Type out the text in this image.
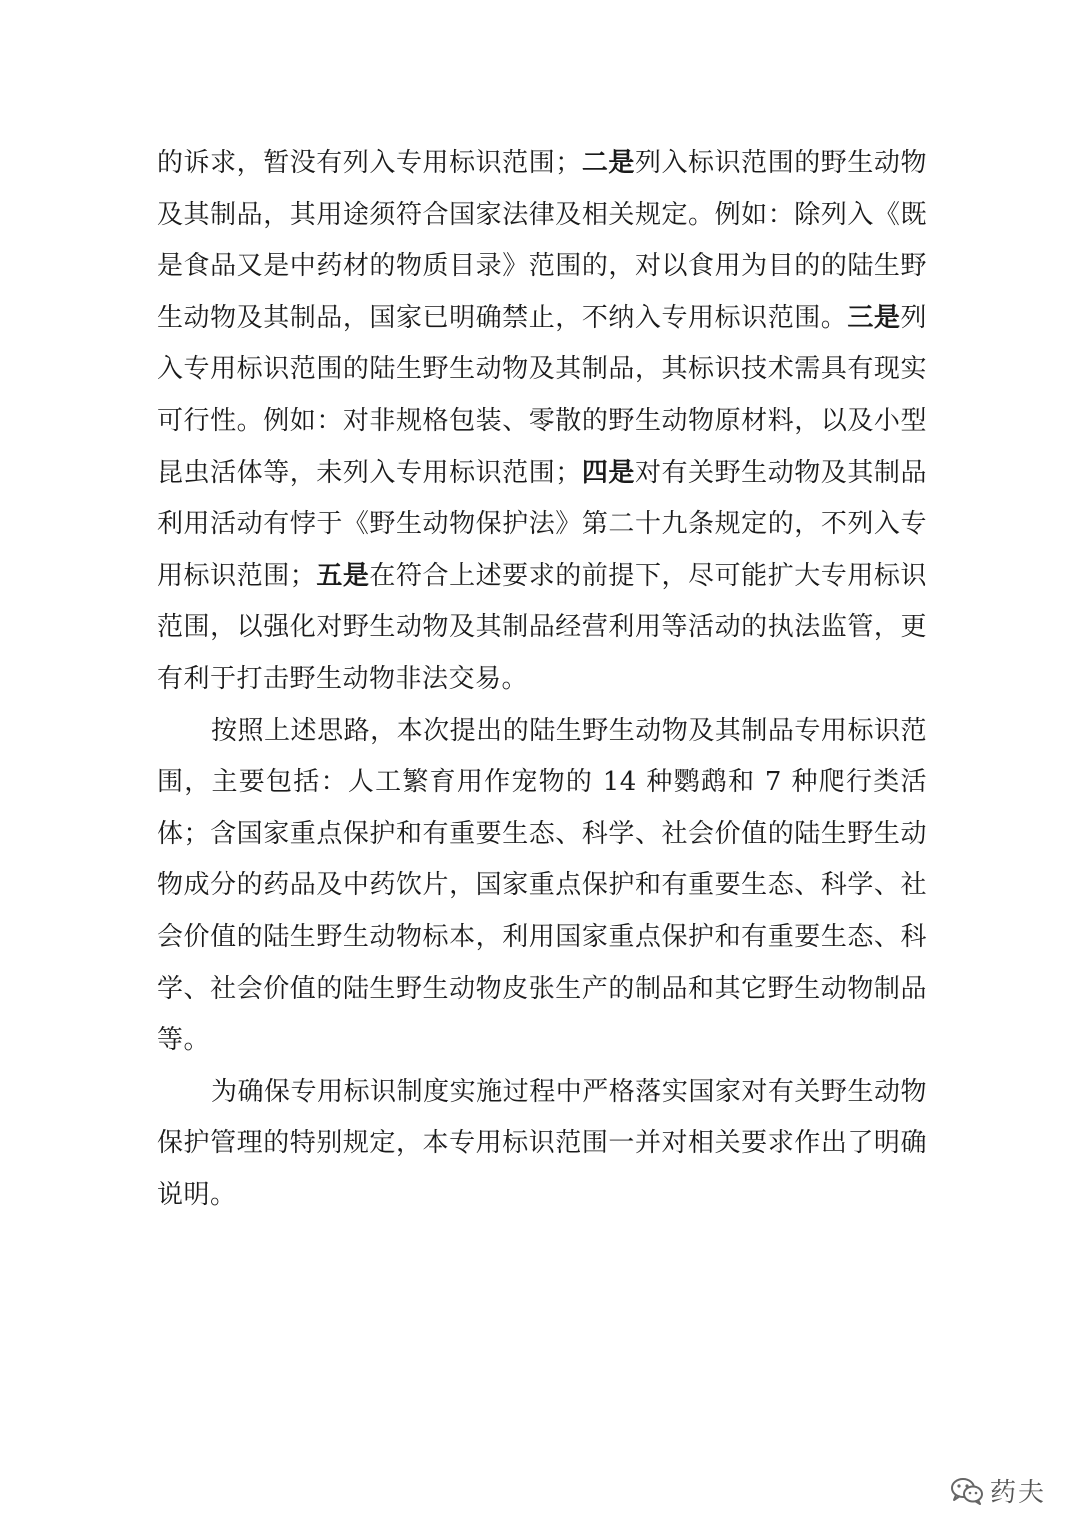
的诉求，暂没有列入专用标识范围；二是列入标识范围的野生动物及其制品，其用途须符合国家法律及相关规定。例如：除列入《既是食品又是中药材的物质目录》范围的，对以食用为目的的陆生野生动物及其制品，国家已明确禁止，不纳入专用标识范围。三是列入专用标识范围的陆生野生动物及其制品，其标识技术需具有现实可行性。例如：对非规格包装、零散的野生动物原材料，以及小型昆虫活体等，未列入专用标识范围；四是对有关野生动物及其制品利用活动有悖于《野生动物保护法》第二十九条规定的，不列入专用标识范围；五是在符合上述要求的前提下，尽可能扩大专用标识范围，以强化对野生动物及其制品经营利用等活动的执法监管，更有利于打击野生动物非法交易。

按照上述思路，本次提出的陆生野生动物及其制品专用标识范围，主要包括：人工繁育用作宠物的 14 种鹦鹉和 7 种爬行类活体；含国家重点保护和有重要生态、科学、社会价值的陆生野生动物成分的药品及中药饮片，国家重点保护和有重要生态、科学、社会价值的陆生野生动物标本，利用国家重点保护和有重要生态、科学、社会价值的陆生野生动物皮张生产的制品和其它野生动物制品等。

为确保专用标识制度实施过程中严格落实国家对有关野生动物保护管理的特别规定，本专用标识范围一并对相关要求作出了明确说明。

药夫
